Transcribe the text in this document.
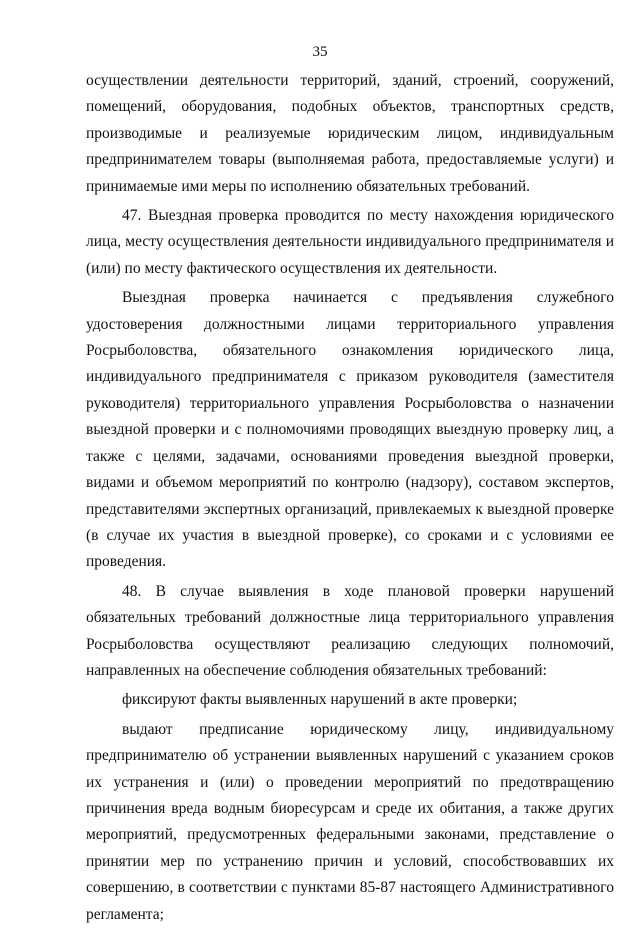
35

осуществлении деятельности территорий, зданий, строений, сооружений, помещений, оборудования, подобных объектов, транспортных средств, производимые и реализуемые юридическим лицом, индивидуальным предпринимателем товары (выполняемая работа, предоставляемые услуги) и принимаемые ими меры по исполнению обязательных требований.

47. Выездная проверка проводится по месту нахождения юридического лица, месту осуществления деятельности индивидуального предпринимателя и (или) по месту фактического осуществления их деятельности.

Выездная проверка начинается с предъявления служебного удостоверения должностными лицами территориального управления Росрыболовства, обязательного ознакомления юридического лица, индивидуального предпринимателя с приказом руководителя (заместителя руководителя) территориального управления Росрыболовства о назначении выездной проверки и с полномочиями проводящих выездную проверку лиц, а также с целями, задачами, основаниями проведения выездной проверки, видами и объемом мероприятий по контролю (надзору), составом экспертов, представителями экспертных организаций, привлекаемых к выездной проверке (в случае их участия в выездной проверке), со сроками и с условиями ее проведения.

48. В случае выявления в ходе плановой проверки нарушений обязательных требований должностные лица территориального управления Росрыболовства осуществляют реализацию следующих полномочий, направленных на обеспечение соблюдения обязательных требований:

фиксируют факты выявленных нарушений в акте проверки;

выдают предписание юридическому лицу, индивидуальному предпринимателю об устранении выявленных нарушений с указанием сроков их устранения и (или) о проведении мероприятий по предотвращению причинения вреда водным биоресурсам и среде их обитания, а также других мероприятий, предусмотренных федеральными законами, представление о принятии мер по устранению причин и условий, способствовавших их совершению, в соответствии с пунктами 85-87 настоящего Административного регламента;
